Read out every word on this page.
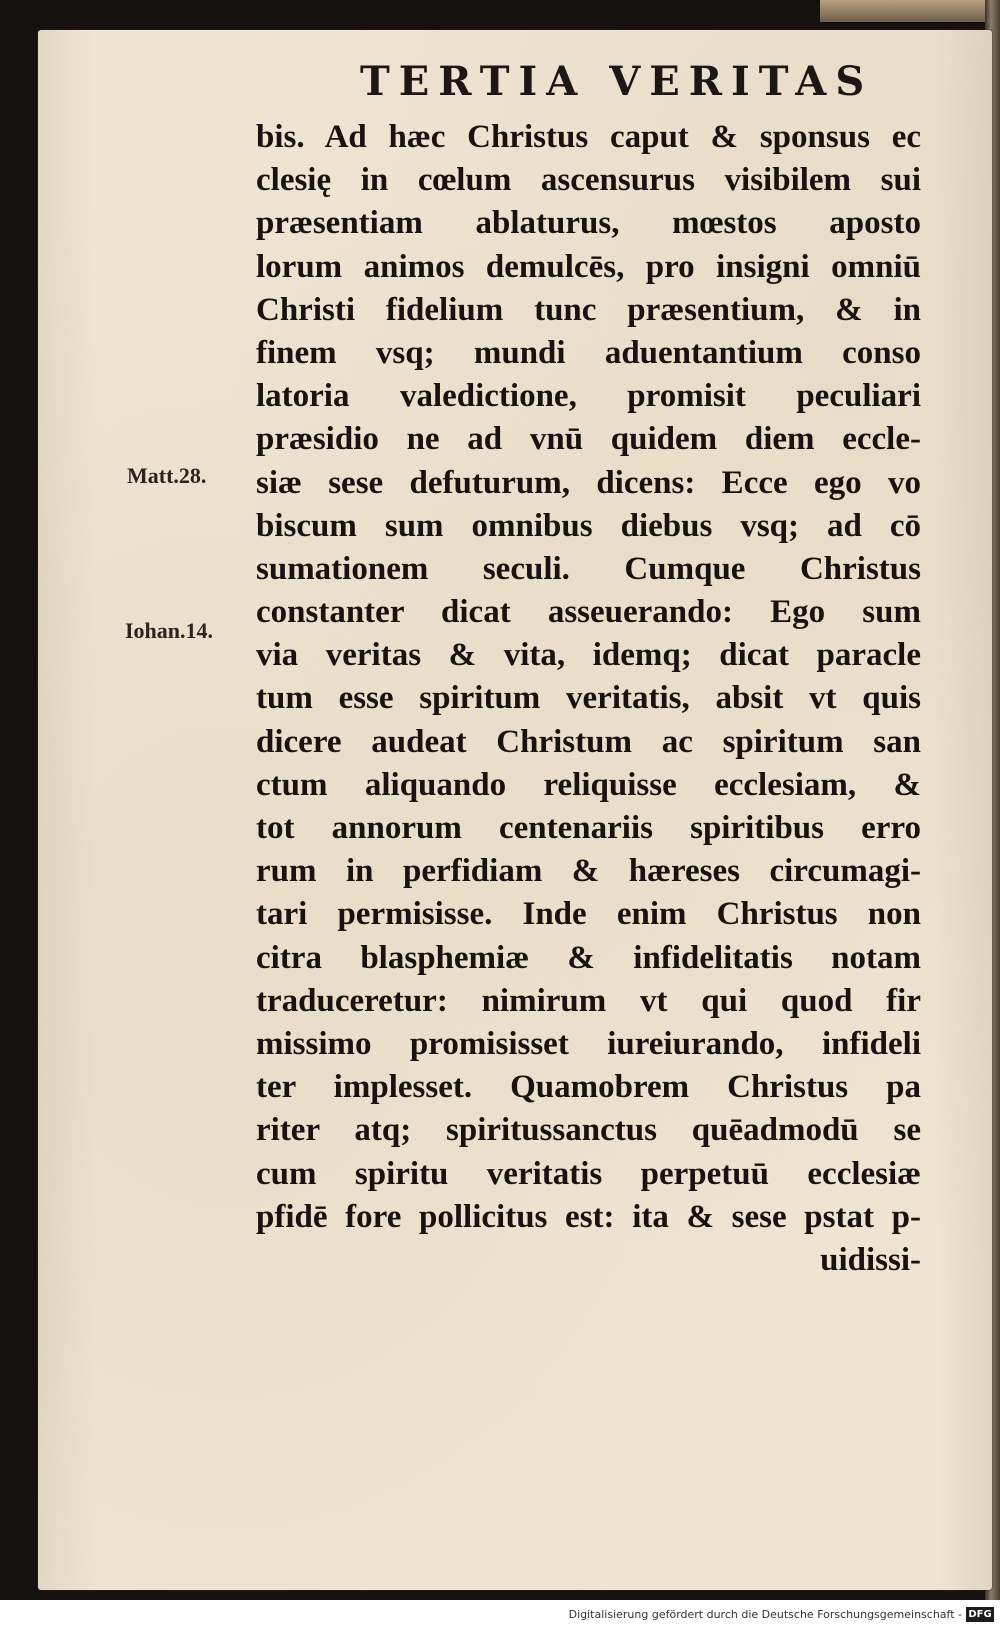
TERTIA VERITAS
Matt.28.
Iohan.14.
bis. Ad hæc Christus caput & sponsus ec
clesię in cœlum ascensurus visibilem sui
præsentiam ablaturus, mœstos aposto
lorum animos demulcēs, pro insigni omniū
Christi fidelium tunc præsentium, & in
finem vsq; mundi aduentantium conso
latoria valedictione, promisit peculiari
præsidio ne ad vnū quidem diem eccle-
siæ sese defuturum, dicens: Ecce ego vo
biscum sum omnibus diebus vsq; ad cō
sumationem seculi. Cumque Christus
constanter dicat asseuerando: Ego sum
via veritas & vita, idemq; dicat paracle
tum esse spiritum veritatis, absit vt quis
dicere audeat Christum ac spiritum san
ctum aliquando reliquisse ecclesiam, &
tot annorum centenariis spiritibus erro
rum in perfidiam & hæreses circumagi-
tari permisisse. Inde enim Christus non
citra blasphemiæ & infidelitatis notam
traduceretur: nimirum vt qui quod fir
missimo promisisset iureiurando, infideli
ter implesset. Quamobrem Christus pa
riter atq; spiritussanctus quēadmodū se
cum spiritu veritatis perpetuū ecclesiæ
pfidē fore pollicitus est: ita & sese pstat p-
uidissi-
Digitalisierung gefördert durch die Deutsche Forschungsgemeinschaft - DFG
